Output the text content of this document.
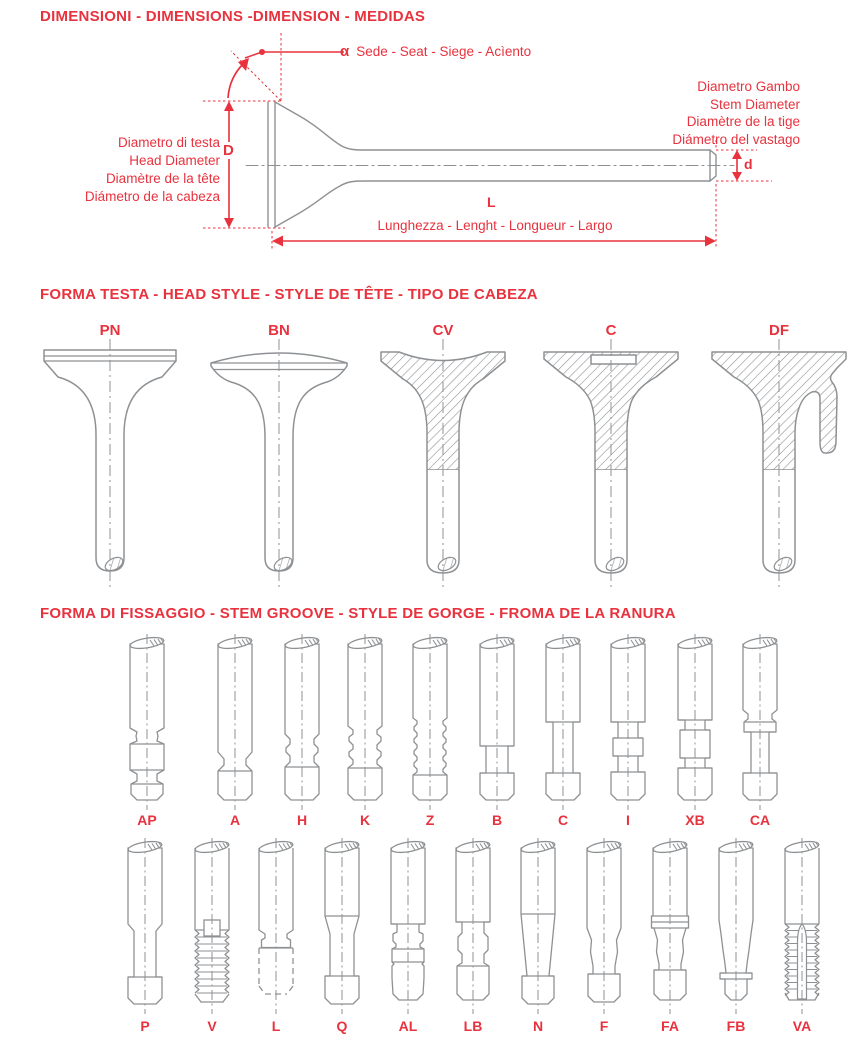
DIMENSIONI - DIMENSIONS -DIMENSION - MEDIDAS
α Sede - Seat - Siege - Acìento
Diametro di testa
Head Diameter
Diamètre de la tête
Diámetro de la cabeza
D
Diametro Gambo
Stem Diameter
Diamètre de la tige
Diámetro del vastago
d
L
Lunghezza - Lenght - Longueur - Largo
FORMA TESTA - HEAD STYLE - STYLE DE TÊTE - TIPO DE CABEZA
FORMA DI FISSAGGIO - STEM GROOVE - STYLE DE GORGE - FROMA DE LA RANURA
PN	BN	CV	C	DF
AP	A	H	K	Z	B	C	I	XB	CA
P	V	L	Q	AL	LB	N	F	FA	FB	VA
